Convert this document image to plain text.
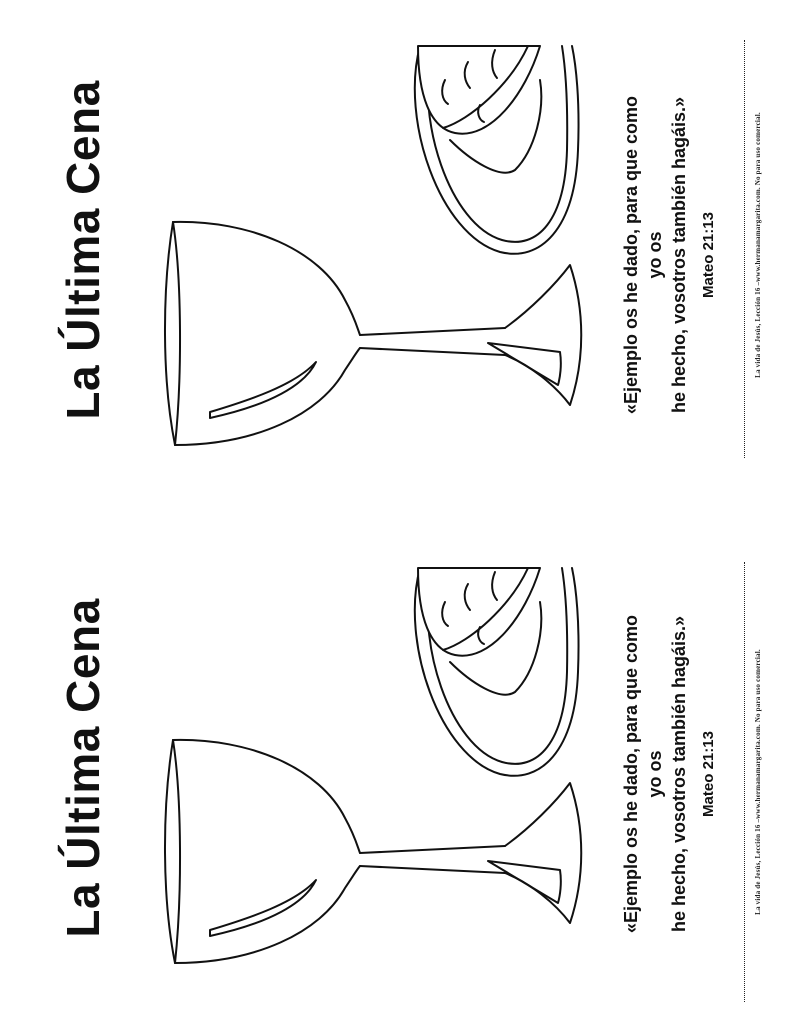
La Última Cena	«Ejemplo os he dado, para que como yo os he hecho, vosotros también hagáis.» Mateo 21:13	La vida de Jesús, Lección 16 –www.hermanamargarita.com. No para uso comercial.
La Última Cena	«Ejemplo os he dado, para que como yo os he hecho, vosotros también hagáis.» Mateo 21:13	La vida de Jesús, Lección 16 –www.hermanamargarita.com. No para uso comercial.
